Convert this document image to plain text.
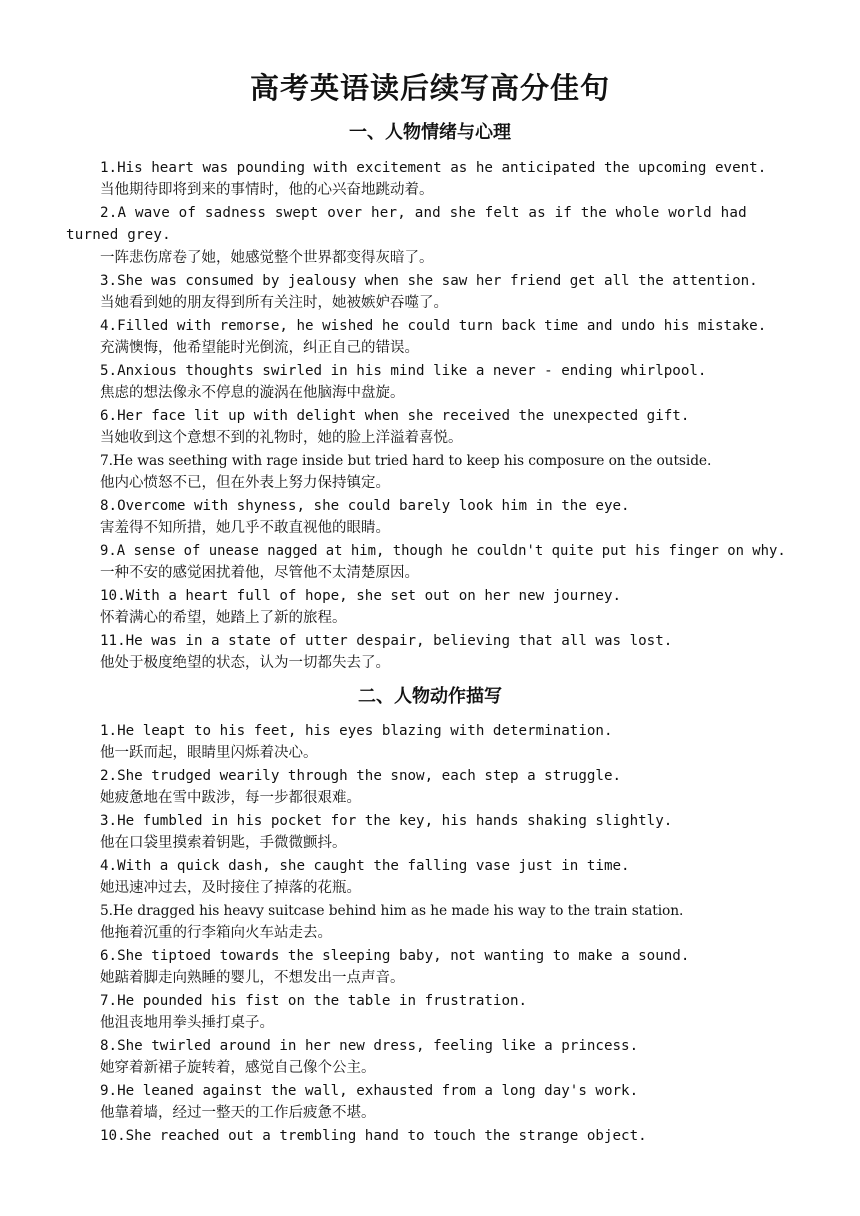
高考英语读后续写高分佳句
一、人物情绪与心理
1.His heart was pounding with excitement as he anticipated the upcoming event.
当他期待即将到来的事情时，他的心兴奋地跳动着。
2.A wave of sadness swept over her, and she felt as if the whole world had turned grey.
一阵悲伤席卷了她，她感觉整个世界都变得灰暗了。
3.She was consumed by jealousy when she saw her friend get all the attention.
当她看到她的朋友得到所有关注时，她被嫉妒吞噬了。
4.Filled with remorse, he wished he could turn back time and undo his mistake.
充满懊悔，他希望能时光倒流，纠正自己的错误。
5.Anxious thoughts swirled in his mind like a never - ending whirlpool.
焦虑的想法像永不停息的漩涡在他脑海中盘旋。
6.Her face lit up with delight when she received the unexpected gift.
当她收到这个意想不到的礼物时，她的脸上洋溢着喜悦。
7.He was seething with rage inside but tried hard to keep his composure on the outside.
他内心愤怒不已，但在外表上努力保持镇定。
8.Overcome with shyness, she could barely look him in the eye.
害羞得不知所措，她几乎不敢直视他的眼睛。
9.A sense of unease nagged at him, though he couldn't quite put his finger on why.
一种不安的感觉困扰着他，尽管他不太清楚原因。
10.With a heart full of hope, she set out on her new journey.
怀着满心的希望，她踏上了新的旅程。
11.He was in a state of utter despair, believing that all was lost.
他处于极度绝望的状态，认为一切都失去了。
二、人物动作描写
1.He leapt to his feet, his eyes blazing with determination.
他一跃而起，眼睛里闪烁着决心。
2.She trudged wearily through the snow, each step a struggle.
她疲惫地在雪中跋涉，每一步都很艰难。
3.He fumbled in his pocket for the key, his hands shaking slightly.
他在口袋里摸索着钥匙，手微微颤抖。
4.With a quick dash, she caught the falling vase just in time.
她迅速冲过去，及时接住了掉落的花瓶。
5.He dragged his heavy suitcase behind him as he made his way to the train station.
他拖着沉重的行李箱向火车站走去。
6.She tiptoed towards the sleeping baby, not wanting to make a sound.
她踮着脚走向熟睡的婴儿，不想发出一点声音。
7.He pounded his fist on the table in frustration.
他沮丧地用拳头捶打桌子。
8.She twirled around in her new dress, feeling like a princess.
她穿着新裙子旋转着，感觉自己像个公主。
9.He leaned against the wall, exhausted from a long day's work.
他靠着墙，经过一整天的工作后疲惫不堪。
10.She reached out a trembling hand to touch the strange object.
